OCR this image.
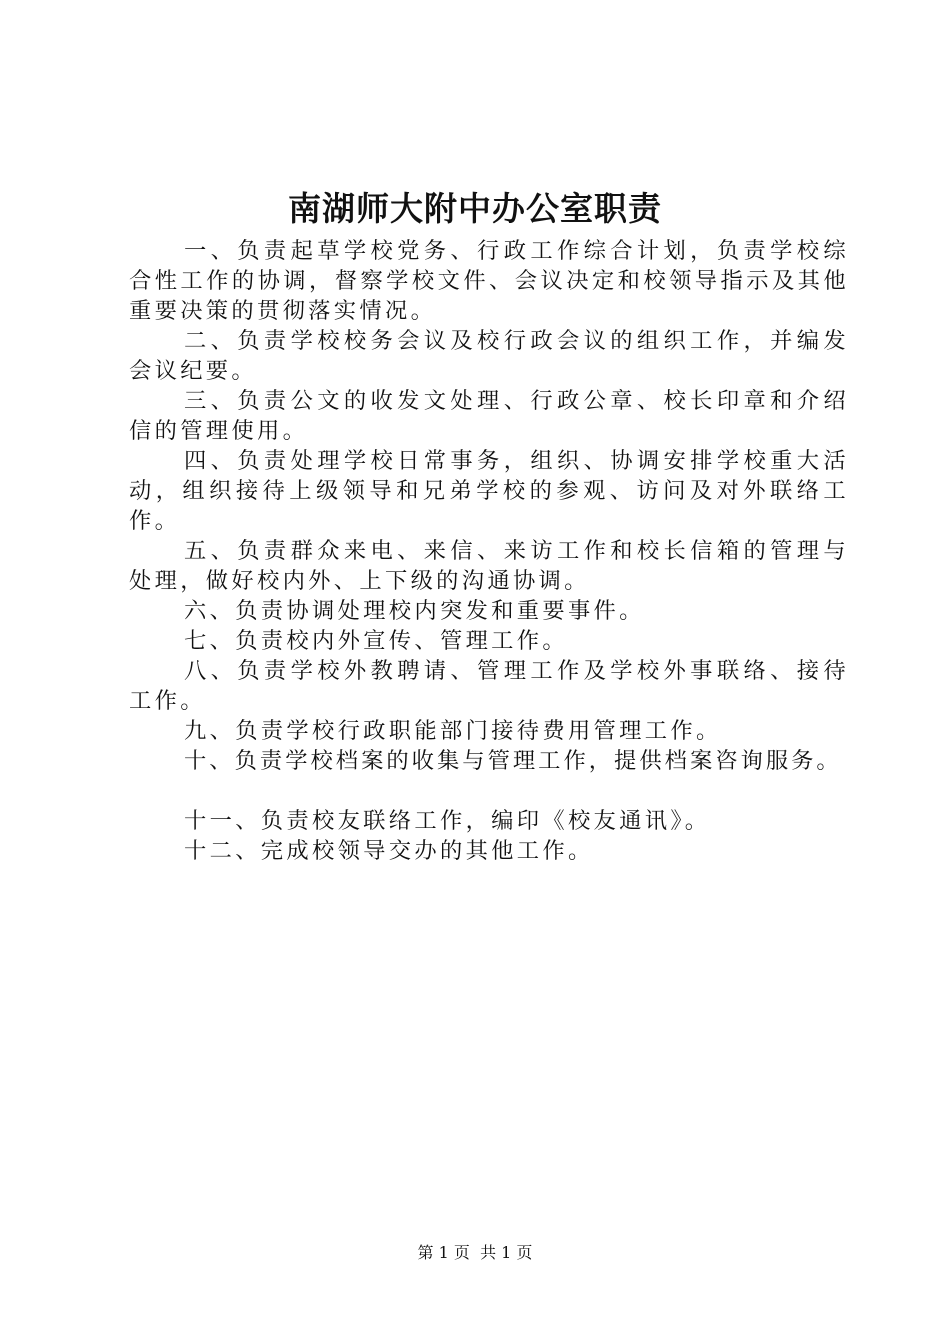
南湖师大附中办公室职责

一、负责起草学校党务、行政工作综合计划，负责学校综合性工作的协调，督察学校文件、会议决定和校领导指示及其他重要决策的贯彻落实情况。

二、负责学校校务会议及校行政会议的组织工作，并编发会议纪要。

三、负责公文的收发文处理、行政公章、校长印章和介绍信的管理使用。

四、负责处理学校日常事务，组织、协调安排学校重大活动，组织接待上级领导和兄弟学校的参观、访问及对外联络工作。

五、负责群众来电、来信、来访工作和校长信箱的管理与处理，做好校内外、上下级的沟通协调。

六、负责协调处理校内突发和重要事件。

七、负责校内外宣传、管理工作。

八、负责学校外教聘请、管理工作及学校外事联络、接待工作。

九、负责学校行政职能部门接待费用管理工作。

十、负责学校档案的收集与管理工作，提供档案咨询服务。

十一、负责校友联络工作，编印《校友通讯》。

十二、完成校领导交办的其他工作。

第 1 页  共 1 页
